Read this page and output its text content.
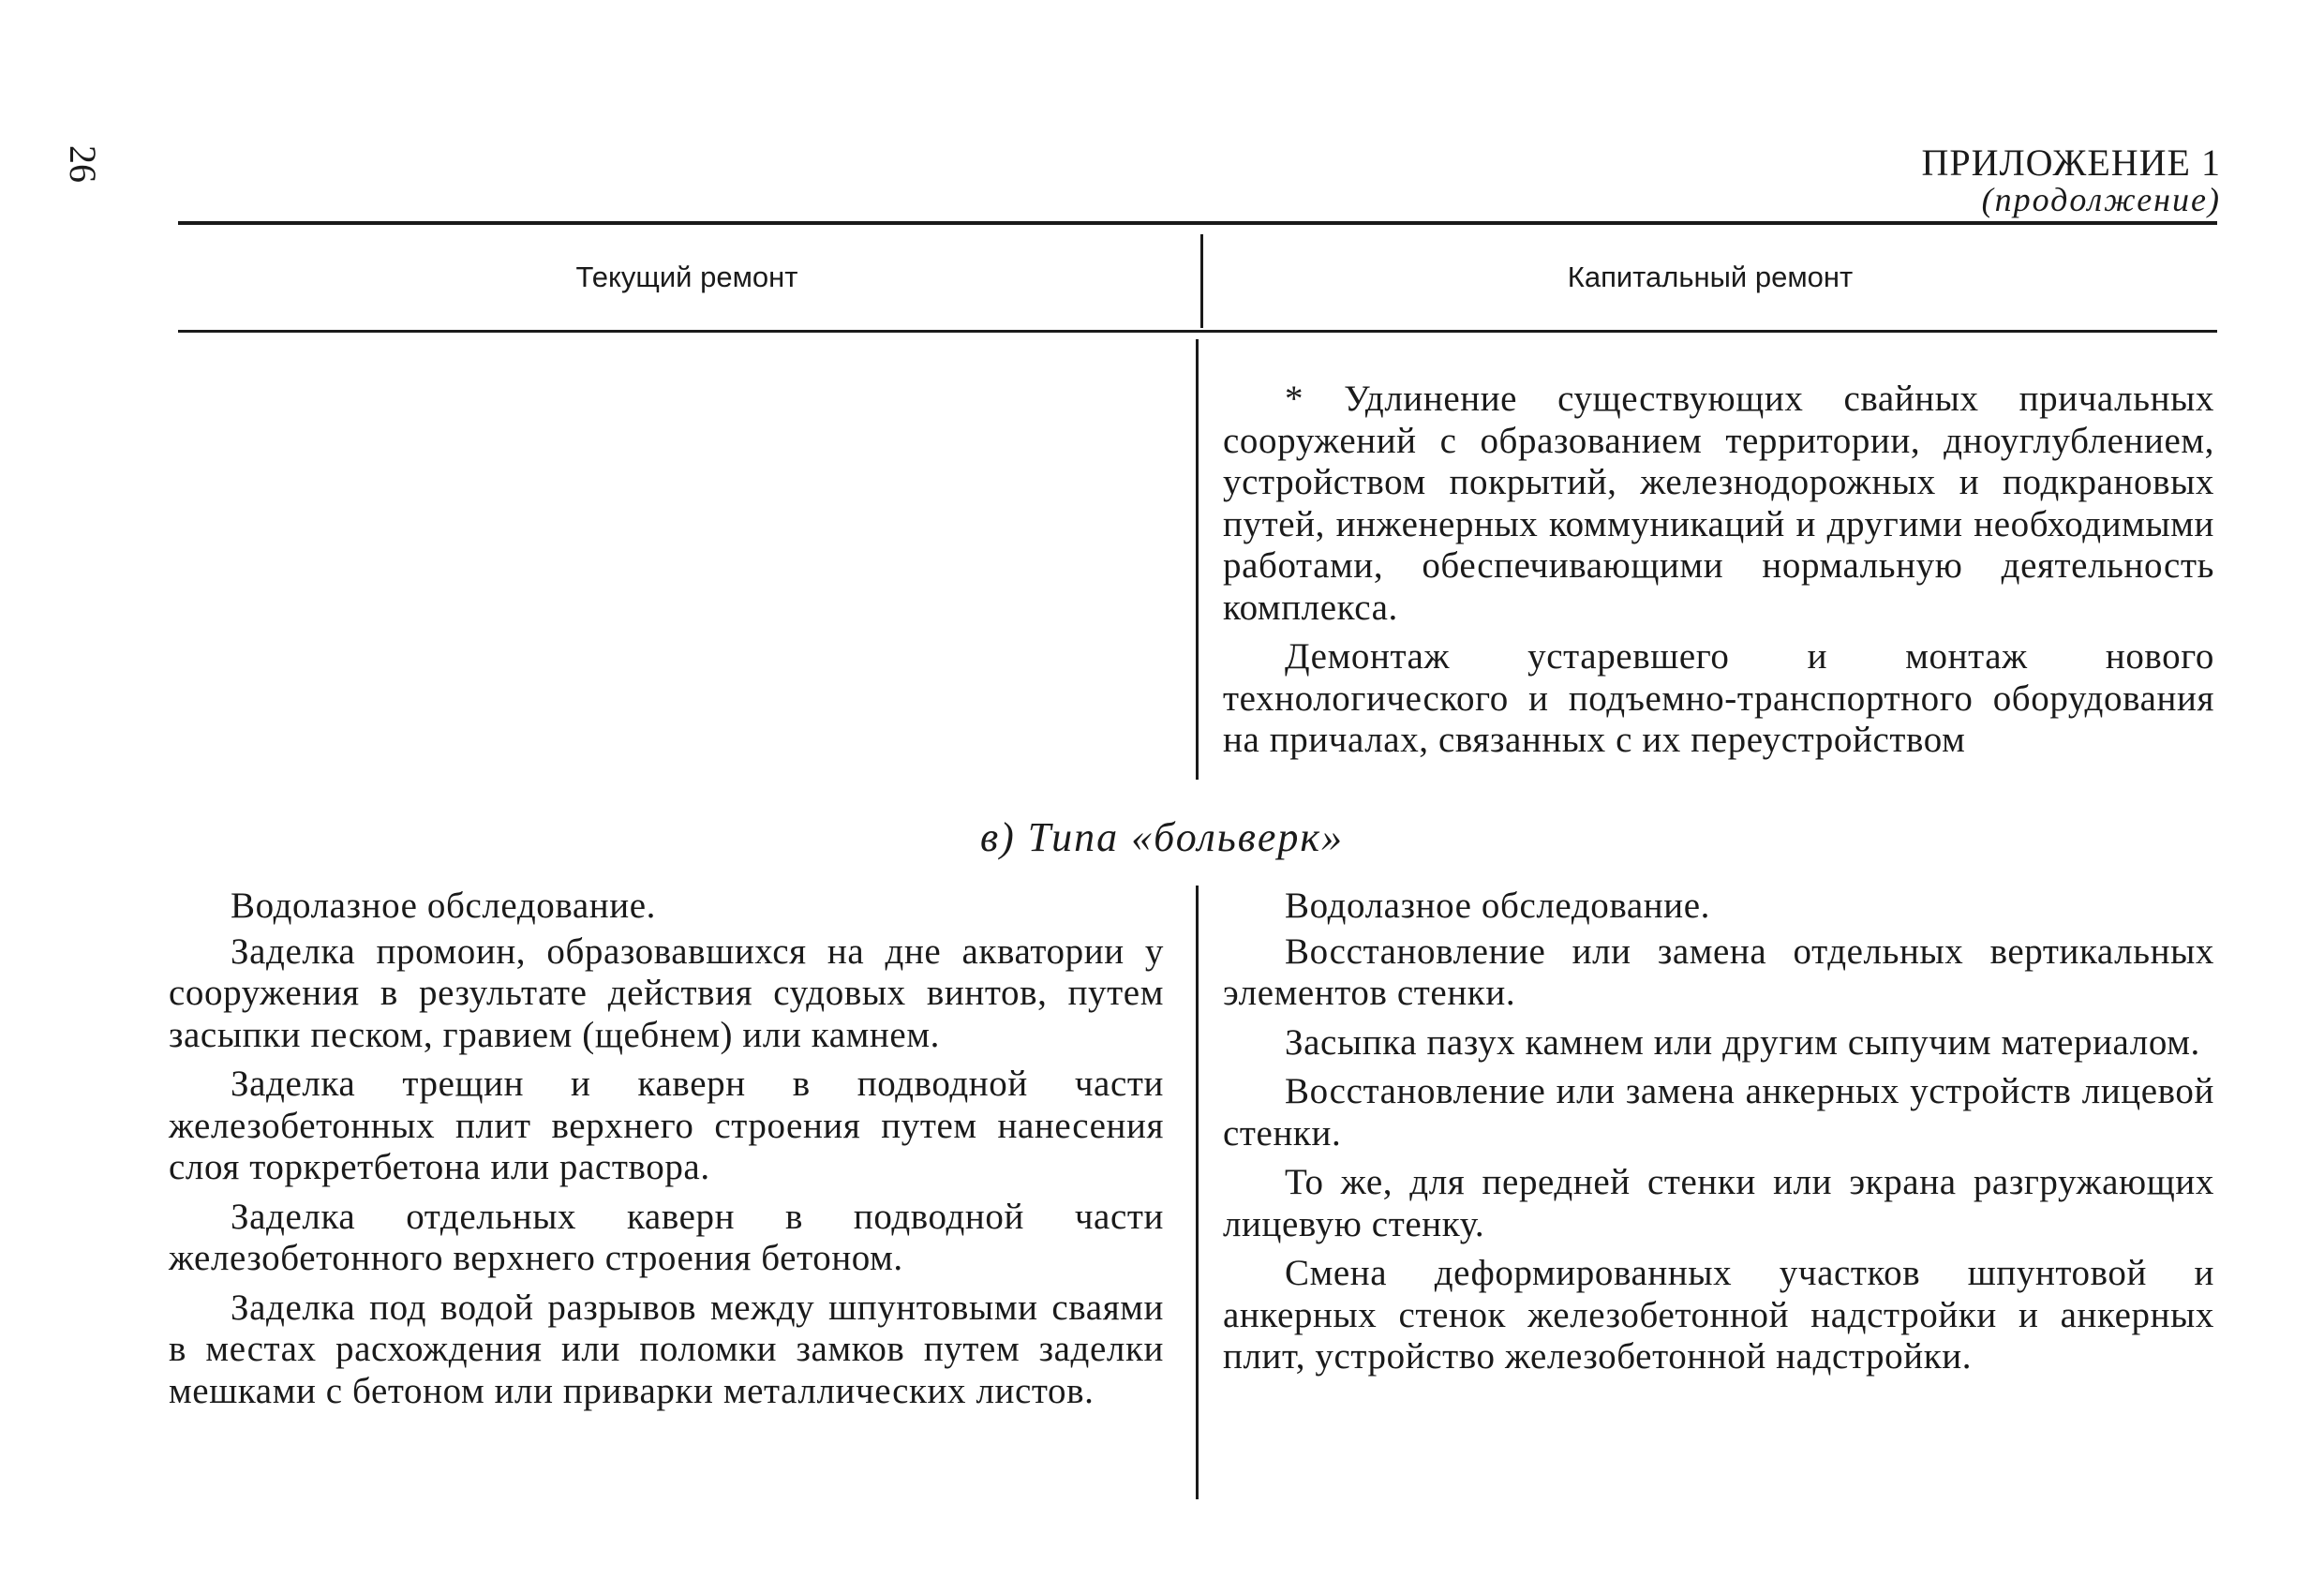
26	ПРИЛОЖЕНИЕ 1
(продолжение)
Текущий ремонт	Капитальный ремонт

* Удлинение существующих свайных причальных сооружений с образованием территории, дноуглублением, устройством покрытий, железнодорожных и подкрановых путей, инженерных коммуникаций и другими необходимыми работами, обеспечивающими нормальную деятельность комплекса.

Демонтаж устаревшего и монтаж нового технологического и подъемно-транспортного оборудования на причалах, связанных с их переустройством

в) Типа «больверк»

Водолазное обследование.

Заделка промоин, образовавшихся на дне акватории у сооружения в результате действия судовых винтов, путем засыпки песком, гравием (щебнем) или камнем.

Заделка трещин и каверн в подводной части железобетонных плит верхнего строения путем нанесения слоя торкретбетона или раствора.

Заделка отдельных каверн в подводной части железобетонного верхнего строения бетоном.

Заделка под водой разрывов между шпунтовыми сваями в местах расхождения или поломки замков путем заделки мешками с бетоном или приварки металлических листов.

Водолазное обследование.

Восстановление или замена отдельных вертикальных элементов стенки.

Засыпка пазух камнем или другим сыпучим материалом.

Восстановление или замена анкерных устройств лицевой стенки.

То же, для передней стенки или экрана разгружающих лицевую стенку.

Смена деформированных участков шпунтовой и анкерных стенок железобетонной надстройки и анкерных плит, устройство железобетонной надстройки.
